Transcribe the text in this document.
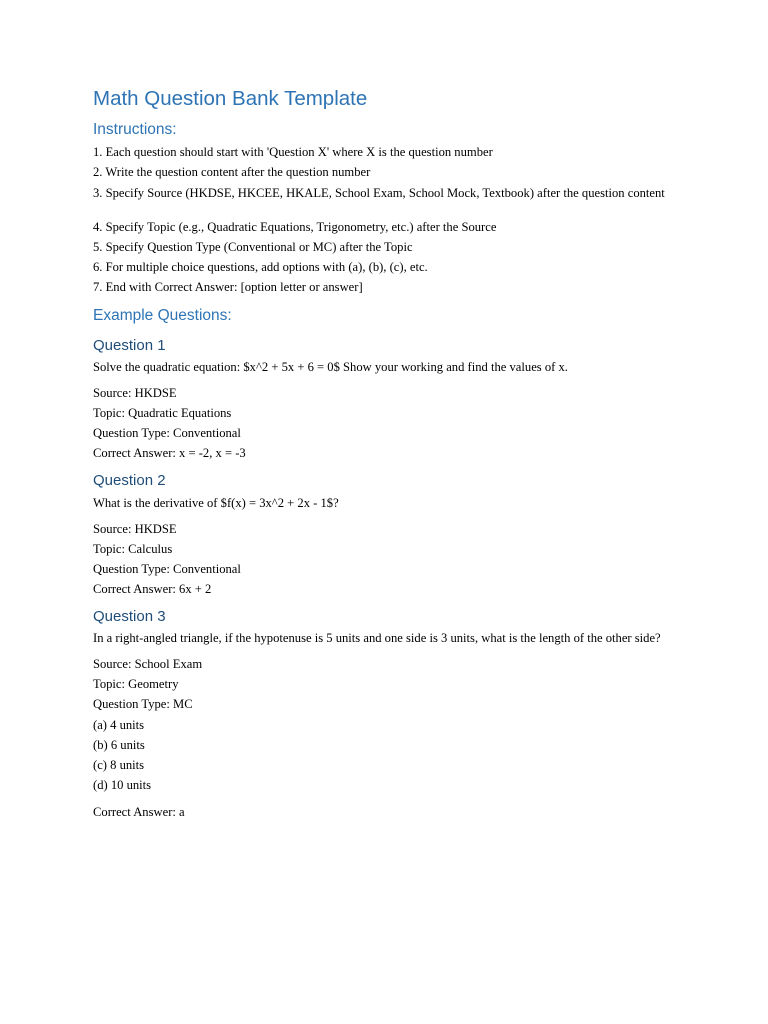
Math Question Bank Template
Instructions:

1. Each question should start with 'Question X' where X is the question number

2. Write the question content after the question number

3. Specify Source (HKDSE, HKCEE, HKALE, School Exam, School Mock, Textbook) after the question content

4. Specify Topic (e.g., Quadratic Equations, Trigonometry, etc.) after the Source

5. Specify Question Type (Conventional or MC) after the Topic

6. For multiple choice questions, add options with (a), (b), (c), etc.

7. End with Correct Answer: [option letter or answer]

Example Questions:
Question 1

Solve the quadratic equation: $x^2 + 5x + 6 = 0$ Show your working and find the values of x.

Source: HKDSE

Topic: Quadratic Equations

Question Type: Conventional

Correct Answer: x = -2, x = -3

Question 2

What is the derivative of $f(x) = 3x^2 + 2x - 1$?

Source: HKDSE

Topic: Calculus

Question Type: Conventional

Correct Answer: 6x + 2

Question 3

In a right-angled triangle, if the hypotenuse is 5 units and one side is 3 units, what is the length of the other side?

Source: School Exam

Topic: Geometry

Question Type: MC

(a) 4 units

(b) 6 units

(c) 8 units

(d) 10 units

Correct Answer: a
